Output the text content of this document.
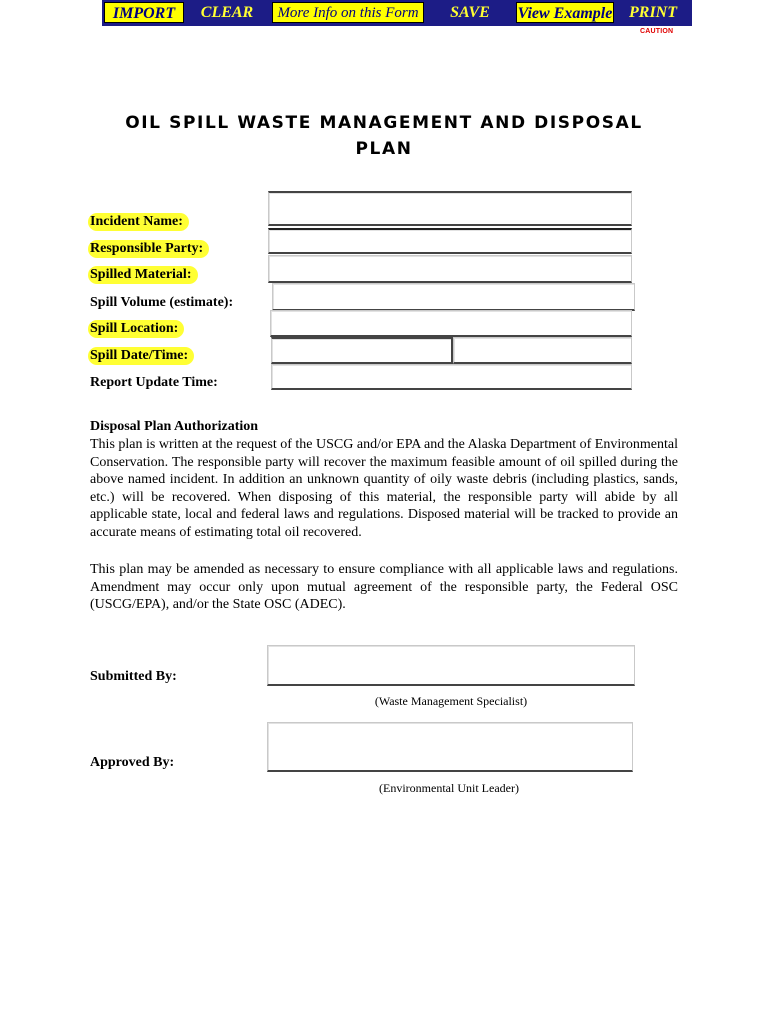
IMPORT	CLEAR	More Info on this Form	SAVE	View Example	PRINT
CAUTION
OIL SPILL WASTE MANAGEMENT AND DISPOSAL
PLAN
Incident Name:
Responsible Party:
Spilled Material:
Spill Volume (estimate):
Spill Location:
Spill Date/Time:
Report Update Time:
Disposal Plan Authorization
This plan is written at the request of the USCG and/or EPA and the Alaska Department of Environmental Conservation. The responsible party will recover the maximum feasible amount of oil spilled during the above named incident. In addition an unknown quantity of oily waste debris (including plastics, sands, etc.) will be recovered. When disposing of this material, the responsible party will abide by all applicable state, local and federal laws and regulations. Disposed material will be tracked to provide an accurate means of estimating total oil recovered.
This plan may be amended as necessary to ensure compliance with all applicable laws and regulations. Amendment may occur only upon mutual agreement of the responsible party, the Federal OSC (USCG/EPA), and/or the State OSC (ADEC).
Submitted By:
(Waste Management Specialist)
Approved By:
(Environmental Unit Leader)
